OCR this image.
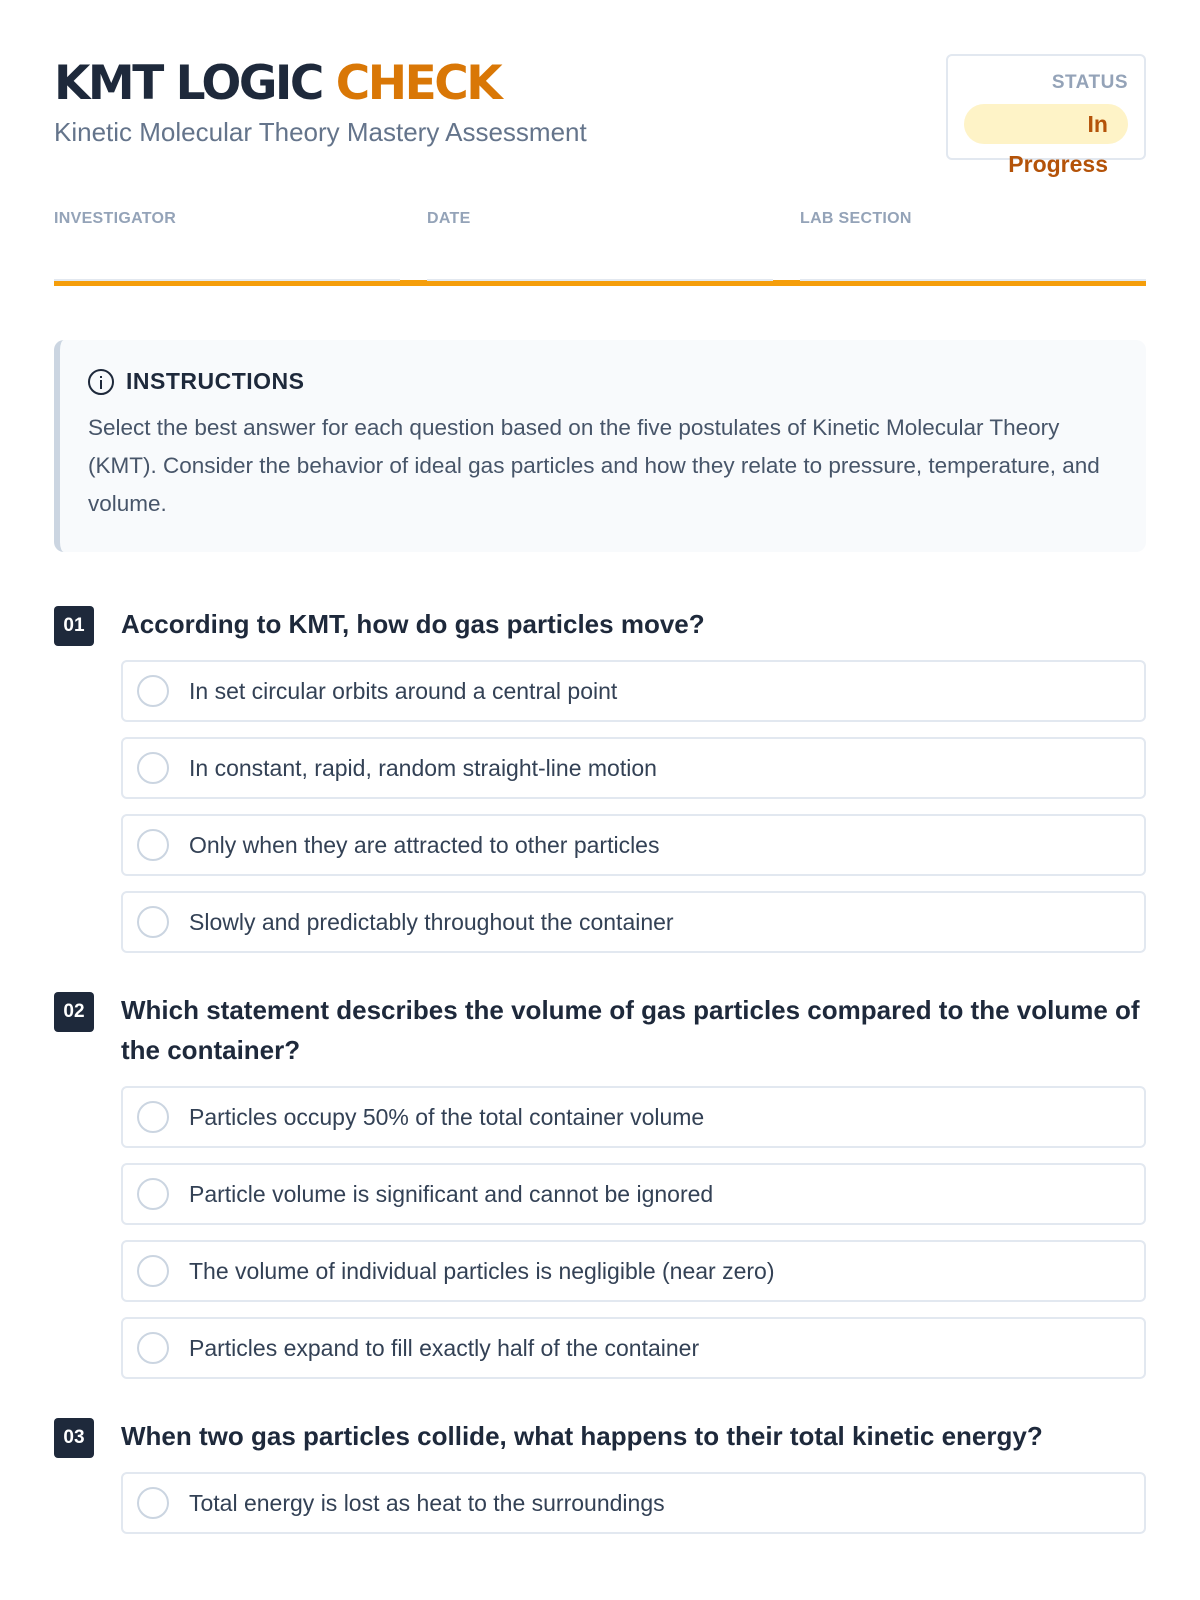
KMT LOGIC CHECK
Kinetic Molecular Theory Mastery Assessment
STATUS
In Progress
INVESTIGATOR	DATE	LAB SECTION
INSTRUCTIONS

Select the best answer for each question based on the five postulates of Kinetic Molecular Theory (KMT). Consider the behavior of ideal gas particles and how they relate to pressure, temperature, and volume.

01	According to KMT, how do gas particles move?
In set circular orbits around a central point
In constant, rapid, random straight-line motion
Only when they are attracted to other particles
Slowly and predictably throughout the container
02	Which statement describes the volume of gas particles compared to the volume of the container?
Particles occupy 50% of the total container volume
Particle volume is significant and cannot be ignored
The volume of individual particles is negligible (near zero)
Particles expand to fill exactly half of the container
03	When two gas particles collide, what happens to their total kinetic energy?
Total energy is lost as heat to the surroundings
